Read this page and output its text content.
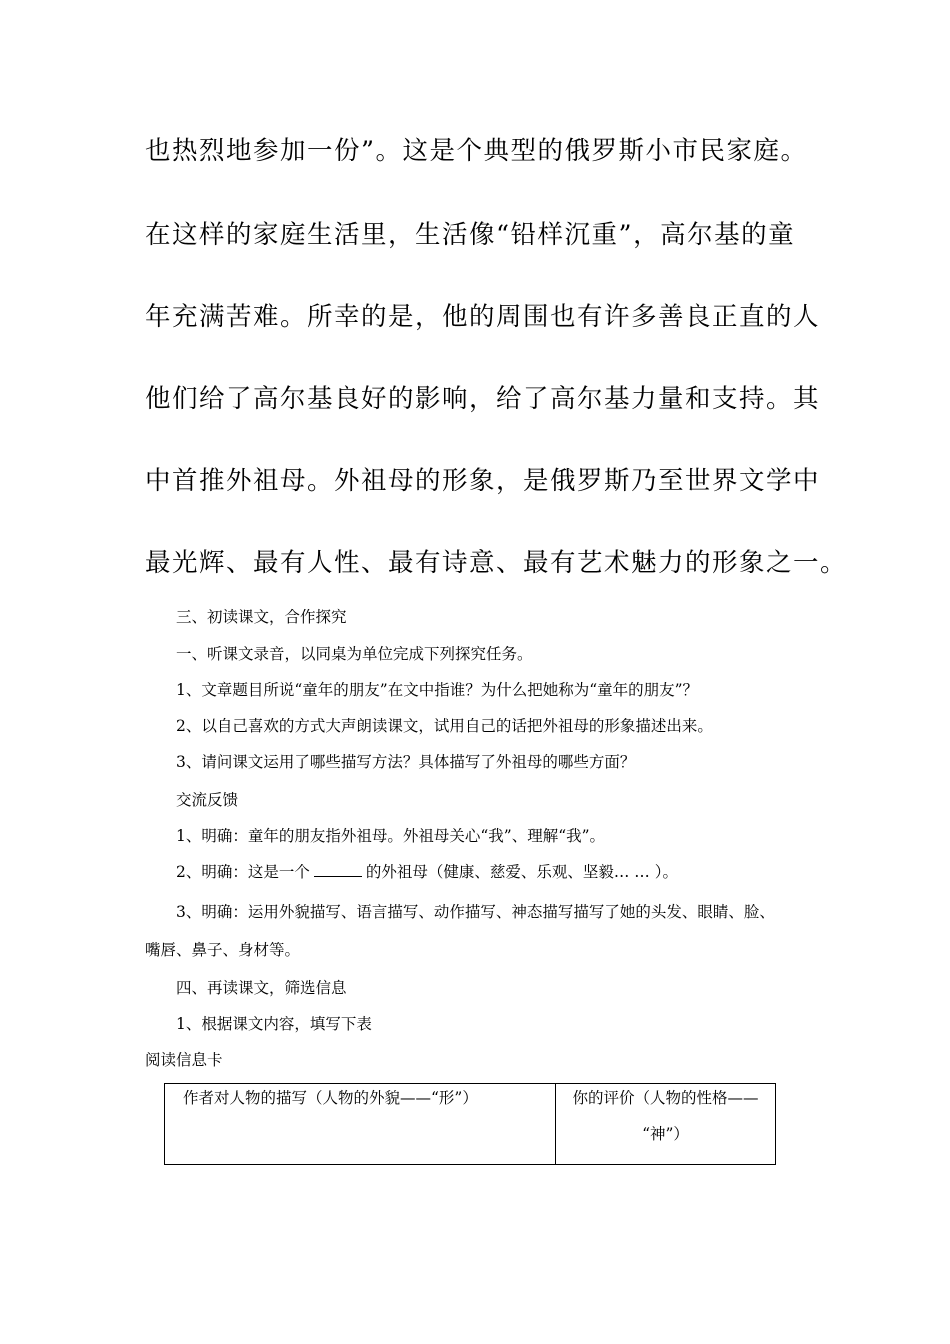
也热烈地参加一份”。这是个典型的俄罗斯小市民家庭。
在这样的家庭生活里，生活像“铅样沉重”，高尔基的童
年充满苦难。所幸的是，他的周围也有许多善良正直的人
他们给了高尔基良好的影响，给了高尔基力量和支持。其
中首推外祖母。外祖母的形象，是俄罗斯乃至世界文学中
最光辉、最有人性、最有诗意、最有艺术魅力的形象之一。
三、初读课文，合作探究
一、听课文录音，以同桌为单位完成下列探究任务。
1、文章题目所说“童年的朋友”在文中指谁？为什么把她称为“童年的朋友”？
2、以自己喜欢的方式大声朗读课文，试用自己的话把外祖母的形象描述出来。
3、请问课文运用了哪些描写方法？具体描写了外祖母的哪些方面？
交流反馈
1、明确：童年的朋友指外祖母。外祖母关心“我”、理解“我”。
2、明确：这是一个	的外祖母（健康、慈爱、乐观、坚毅… … ）。
3、明确：运用外貌描写、语言描写、动作描写、神态描写描写了她的头发、眼睛、脸、
嘴唇、鼻子、身材等。
四、再读课文，筛选信息
1、根据课文内容，填写下表
阅读信息卡
作者对人物的描写（人物的外貌——“形”）	你的评价（人物的性格——
“神”）
